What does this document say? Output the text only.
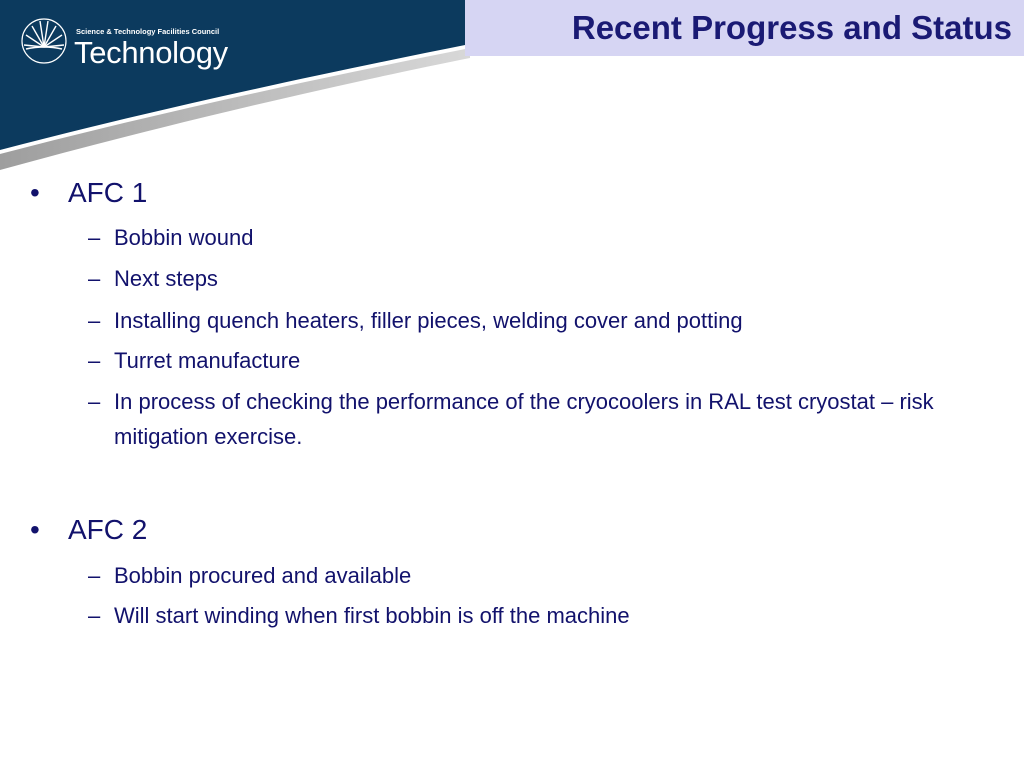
Science & Technology Facilities Council
Technology
Recent Progress and Status
• AFC 1
– Bobbin wound
– Next steps
– Installing quench heaters, filler pieces, welding cover and potting
– Turret manufacture
– In process of checking the performance of the cryocoolers in RAL test cryostat – risk mitigation exercise.
• AFC 2
– Bobbin procured and available
– Will start winding when first bobbin is off the machine
